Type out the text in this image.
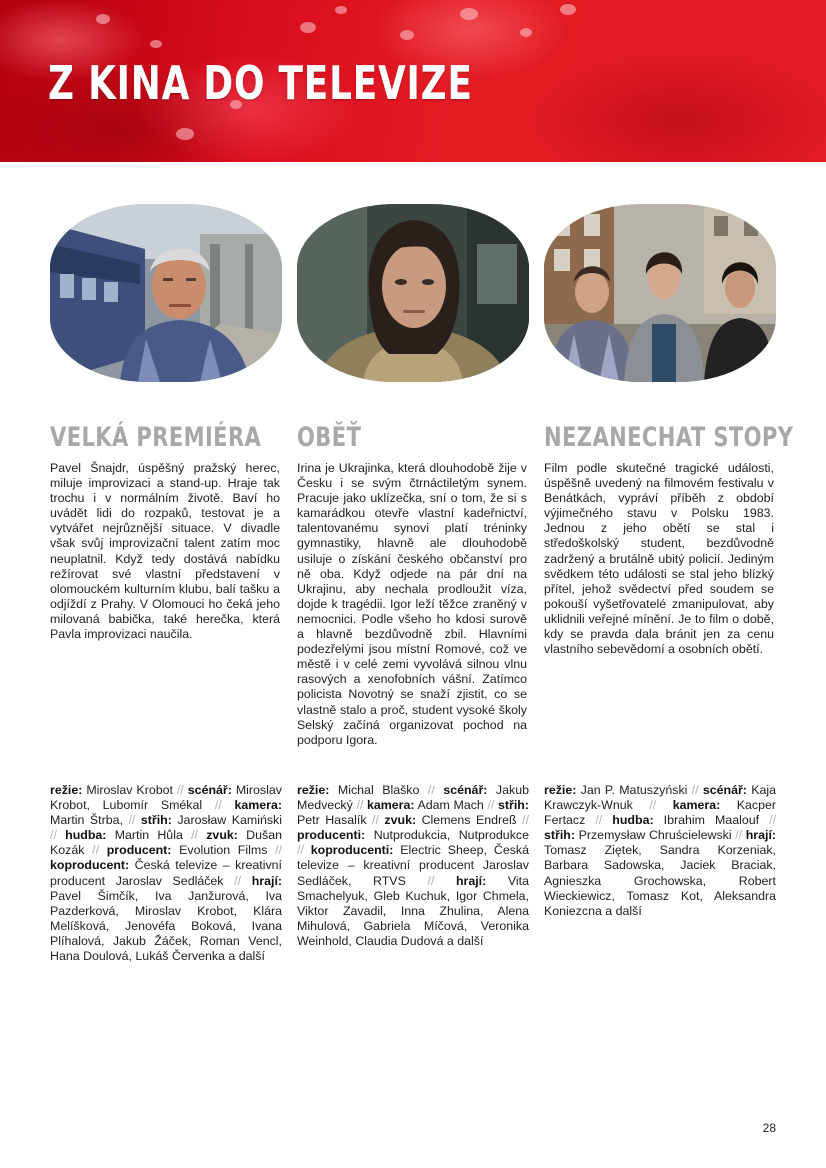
Z KINA DO TELEVIZE
VELKÁ PREMIÉRA OBĚŤ	NEZANECHAT STOPY

Pavel Šnajdr, úspěšný pražský herec, miluje improvizaci a stand-up. Hraje tak trochu i v normálním životě. Baví ho uvádět lidi do rozpaků, testovat je a vytvářet nejrůznější situace. V divadle však svůj improvizační talent zatím moc neuplatnil. Když tedy dostává nabídku režírovat své vlastní představení v olomouckém kulturním klubu, balí tašku a odjíždí z Prahy. V Olomouci ho čeká jeho milovaná babička, také herečka, která Pavla improvizaci naučila.

Irina je Ukrajinka, která dlouhodobě žije v Česku i se svým čtrnáctiletým synem. Pracuje jako uklízečka, sní o tom, že si s kamarádkou otevře vlastní kadeřnictví, talentovanému synovi platí tréninky gymnastiky, hlavně ale dlouhodobě usiluje o získání českého občanství pro ně oba. Když odjede na pár dní na Ukrajinu, aby nechala prodloužit víza, dojde k tragédii. Igor leží těžce zraněný v nemocnici. Podle všeho ho kdosi surově a hlavně bezdůvodně zbil. Hlavními podezřelými jsou místní Romové, což ve městě i v celé zemi vyvolává silnou vlnu rasových a xenofobních vášní. Zatímco policista Novotný se snaží zjistit, co se vlastně stalo a proč, student vysoké školy Selský začíná organizovat pochod na podporu Igora.

Film podle skutečné tragické události, úspěšně uvedený na filmovém festivalu v Benátkách, vypráví příběh z období výjimečného stavu v Polsku 1983. Jednou z jeho obětí se stal i středoškolský student, bezdůvodně zadržený a brutálně ubitý policií. Jediným svědkem této události se stal jeho blízký přítel, jehož svědectví před soudem se pokouší vyšetřovatelé zmanipulovat, aby uklidnili veřejné mínění. Je to film o době, kdy se pravda dala bránit jen za cenu vlastního sebevědomí a osobních obětí.

režie: Miroslav Krobot // scénář: Miroslav Krobot, Lubomír Smékal // kamera: Martin Štrba, // střih: Jarosław Kamiński // hudba: Martin Hůla // zvuk: Dušan Kozák // producent: Evolution Films // koproducent: Česká televize – kreativní producent Jaroslav Sedláček // hrají: Pavel Šimčík, Iva Janžurová, Iva Pazderková, Miroslav Krobot, Klára Melíšková, Jenovéfa Boková, Ivana Plíhalová, Jakub Žáček, Roman Vencl, Hana Doulová, Lukáš Červenka a další

režie: Michal Blaško // scénář: Jakub Medvecký // kamera: Adam Mach // střih: Petr Hasalík // zvuk: Clemens Endreß // producenti: Nutprodukcia, Nutprodukce // koproducenti: Electric Sheep, Česká televize – kreativní producent Jaroslav Sedláček, RTVS // hrají: Vita Smachelyuk, Gleb Kuchuk, Igor Chmela, Viktor Zavadil, Inna Zhulina, Alena Mihulová, Gabriela Míčová, Veronika Weinhold, Claudia Dudová a další

režie: Jan P. Matuszyński // scénář: Kaja Krawczyk-Wnuk // kamera: Kacper Fertacz // hudba: Ibrahim Maalouf // střih: Przemysław Chruścielewski // hrají: Tomasz Ziętek, Sandra Korzeniak, Barbara Sadowska, Jaciek Braciak, Agnieszka Grochowska, Robert Wieckiewicz, Tomasz Kot, Aleksandra Koniezcna a další

28
